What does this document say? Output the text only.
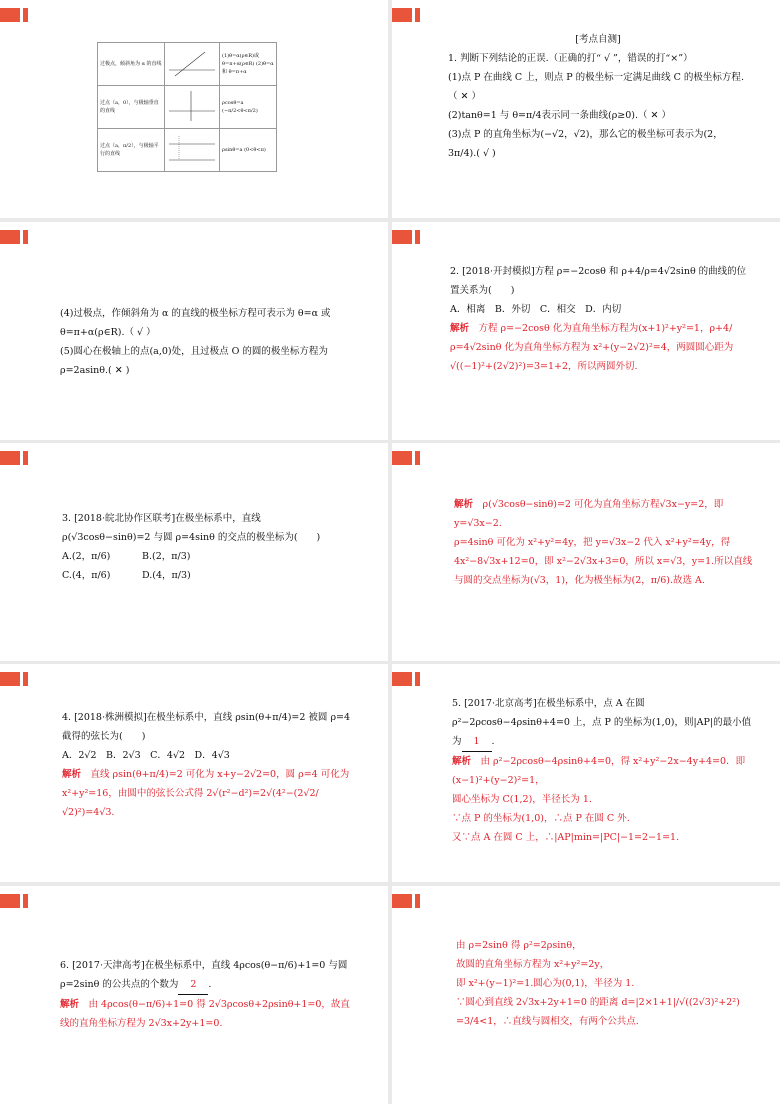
过极点，倾斜角为 α 的直线		(1)θ=α(ρ∈R)或 θ=π+α(ρ∈R) (2)θ=α 和 θ=π+α
过点（a，0），与极轴垂直的直线		ρcosθ=a (−π/2<θ<π/2)
过点（a，π/2），与极轴平行的直线		ρsinθ=a (0<θ<π)
[考点自测]
1. 判断下列结论的正误.（正确的打“ √ ”，错误的打“×”）
(1)点 P 在曲线 C 上，则点 P 的极坐标一定满足曲线 C 的极坐标方程.（ ✕ ）
(2)tanθ=1 与 θ=π/4表示同一条曲线(ρ≥0).（ ✕ ）
(3)点 P 的直角坐标为(−√2，√2)，那么它的极坐标可表示为(2，3π/4).( √ )
(4)过极点，作倾斜角为 α 的直线的极坐标方程可表示为 θ=α 或 θ=π+α(ρ∈R).（ √ ）
(5)圆心在极轴上的点(a,0)处，且过极点 O 的圆的极坐标方程为 ρ=2asinθ.( ✕ )
2. [2018·开封模拟]方程 ρ=−2cosθ 和 ρ+4/ρ=4√2sinθ 的曲线的位置关系为(　　)
A．相离　B．外切　C．相交　D．内切
解析　 方程 ρ=−2cosθ 化为直角坐标方程为(x+1)²+y²=1，ρ+4/ρ=4√2sinθ 化为直角坐标方程为 x²+(y−2√2)²=4，两圆圆心距为√((−1)²+(2√2)²)=3=1+2，所以两圆外切.
3. [2018·皖北协作区联考]在极坐标系中，直线 ρ(√3cosθ−sinθ)=2 与圆 ρ=4sinθ 的交点的极坐标为(　　)
A.(2，π/6)	B.(2，π/3)
C.(4，π/6)	D.(4，π/3)
解析　 ρ(√3cosθ−sinθ)=2 可化为直角坐标方程√3x−y=2，即 y=√3x−2.
ρ=4sinθ 可化为 x²+y²=4y，把 y=√3x−2 代入 x²+y²=4y，得 4x²−8√3x+12=0，即 x²−2√3x+3=0，所以 x=√3，y=1.所以直线与圆的交点坐标为(√3，1)，化为极坐标为(2，π/6).故选 A.
4. [2018·株洲模拟]在极坐标系中，直线 ρsin(θ+π/4)=2 被圆 ρ=4 截得的弦长为(　　)
A．2√2　B．2√3　C．4√2　D．4√3
解析　 直线 ρsin(θ+π/4)=2 可化为 x+y−2√2=0，圆 ρ=4 可化为 x²+y²=16，由圆中的弦长公式得 2√(r²−d²)=2√(4²−(2√2/√2)²)=4√3.
5. [2017·北京高考]在极坐标系中，点 A 在圆 ρ²−2ρcosθ−4ρsinθ+4=0 上，点 P 的坐标为(1,0)，则|AP|的最小值为 1 .
解析　 由 ρ²−2ρcosθ−4ρsinθ+4=0，得 x²+y²−2x−4y+4=0．即(x−1)²+(y−2)²=1，
圆心坐标为 C(1,2)，半径长为 1.
∵点 P 的坐标为(1,0)，∴点 P 在圆 C 外.
又∵点 A 在圆 C 上，∴|AP|min=|PC|−1=2−1=1.
6. [2017·天津高考]在极坐标系中，直线 4ρcos(θ−π/6)+1=0 与圆 ρ=2sinθ 的公共点的个数为 2 .
解析　 由 4ρcos(θ−π/6)+1=0 得 2√3ρcosθ+2ρsinθ+1=0，故直线的直角坐标方程为 2√3x+2y+1=0.
由 ρ=2sinθ 得 ρ²=2ρsinθ，
故圆的直角坐标方程为 x²+y²=2y，
即 x²+(y−1)²=1.圆心为(0,1)，半径为 1.
∵圆心到直线 2√3x+2y+1=0 的距离 d=|2×1+1|/√((2√3)²+2²)
=3/4<1，∴直线与圆相交，有两个公共点.
